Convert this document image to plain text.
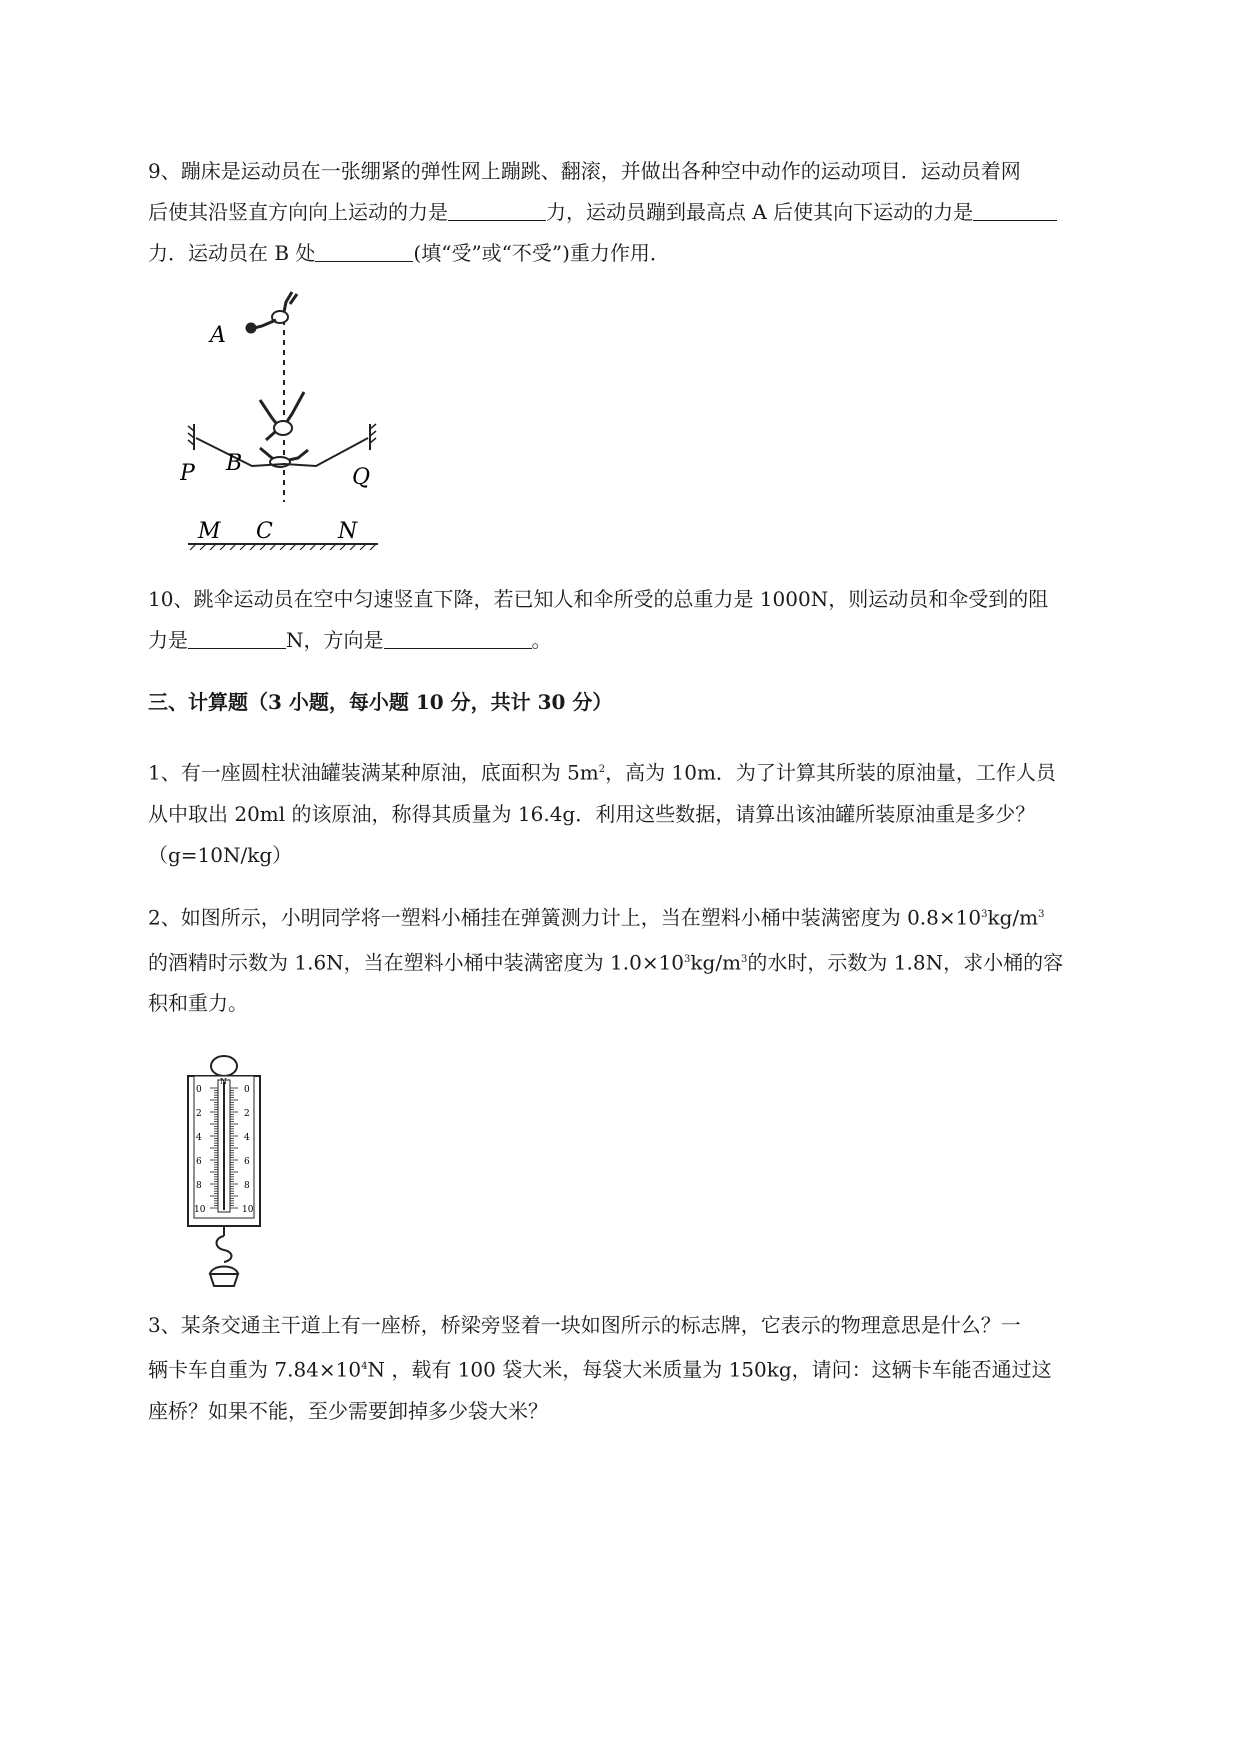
9、蹦床是运动员在一张绷紧的弹性网上蹦跳、翻滚，并做出各种空中动作的运动项目．运动员着网

后使其沿竖直方向向上运动的力是	力，运动员蹦到最高点 A 后使其向下运动的力是

力．运动员在 B 处	(填“受”或“不受”)重力作用．

A
B
P	Q
M C	N

10、跳伞运动员在空中匀速竖直下降，若已知人和伞所受的总重力是 1000N，则运动员和伞受到的阻

力是	N，方向是	。

三、计算题（3 小题，每小题 10 分，共计 30 分）

1、有一座圆柱状油罐装满某种原油，底面积为 $5m^2$，高为 10m．为了计算其所装的原油量，工作人员

从中取出 20ml 的该原油，称得其质量为 16.4g．利用这些数据，请算出该油罐所装原油重是多少？

（g=10N/kg）

2、如图所示，小明同学将一塑料小桶挂在弹簧测力计上，当在塑料小桶中装满密度为 $0.8\times 10^3kg/m^3$

的酒精时示数为 1.6N，当在塑料小桶中装满密度为 $1.0\times 10^3kg/m^3$的水时，示数为 1.8N，求小桶的容

积和重力。

N
0
2
4
6
8
10
0
2
4
6
8
10

3、某条交通主干道上有一座桥，桥梁旁竖着一块如图所示的标志牌，它表示的物理意思是什么？一

辆卡车自重为 $7.84\times 10^4N$ ，载有 100 袋大米，每袋大米质量为 150kg，请问：这辆卡车能否通过这

座桥？如果不能，至少需要卸掉多少袋大米？
